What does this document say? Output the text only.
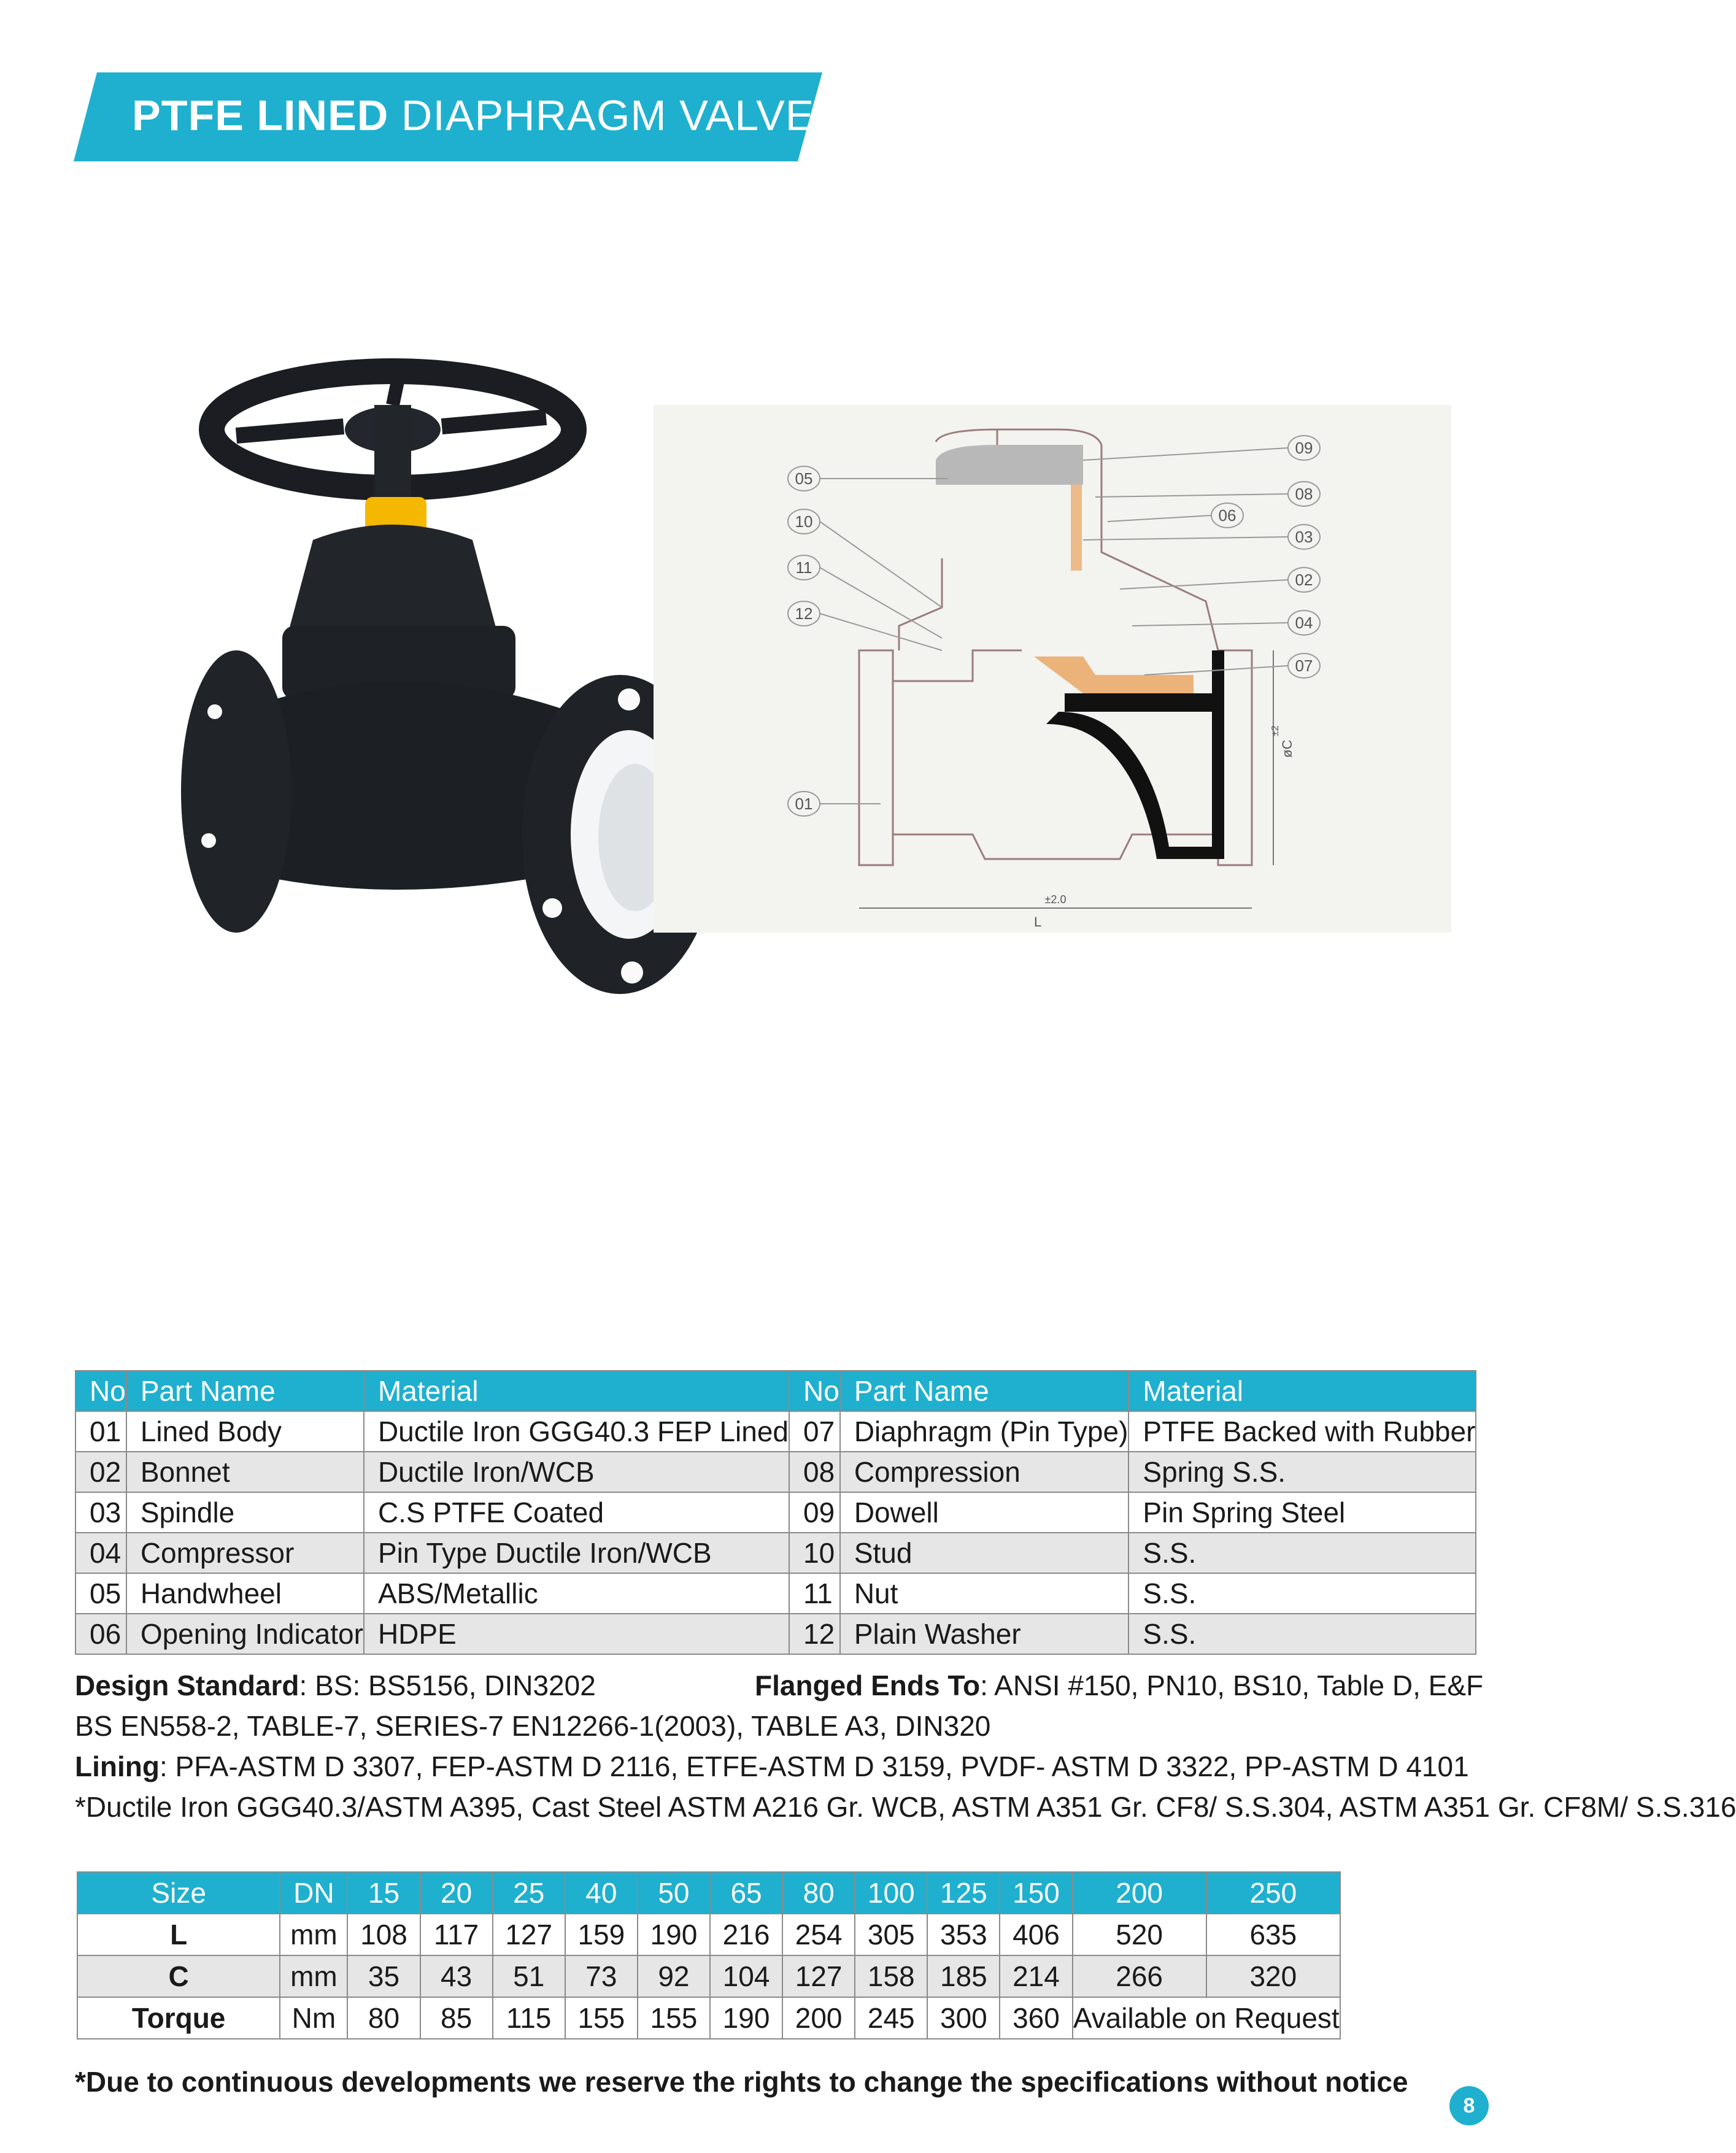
PTFE LINED DIAPHRAGM VALVE
05
10
11
12
01
09
08
06
03
02
04
07
±2.0
L
øC
±2
No	Part Name	Material	No	Part Name	Material
01	Lined Body	Ductile Iron GGG40.3 FEP Lined	07	Diaphragm (Pin Type)	PTFE Backed with Rubber
02	Bonnet	Ductile Iron/WCB	08	Compression	Spring S.S.
03	Spindle	C.S PTFE Coated	09	Dowell	Pin Spring Steel
04	Compressor	Pin Type Ductile Iron/WCB	10	Stud	S.S.
05	Handwheel	ABS/Metallic	11	Nut	S.S.
06	Opening Indicator	HDPE	12	Plain Washer	S.S.
Design Standard: BS: BS5156, DIN3202	Flanged Ends To: ANSI #150, PN10, BS10, Table D, E&F
BS EN558-2, TABLE-7, SERIES-7 EN12266-1(2003), TABLE A3, DIN320
Lining: PFA-ASTM D 3307, FEP-ASTM D 2116, ETFE-ASTM D 3159, PVDF- ASTM D 3322, PP-ASTM D 4101
*Ductile Iron GGG40.3/ASTM A395, Cast Steel ASTM A216 Gr. WCB, ASTM A351 Gr. CF8/ S.S.304, ASTM A351 Gr. CF8M/ S.S.316
Size	DN	15	20	25	40	50	65	80	100	125	150	200	250
L	mm	108	117	127	159	190	216	254	305	353	406	520	635
C	mm	35	43	51	73	92	104	127	158	185	214	266	320
Torque	Nm	80	85	115	155	155	190	200	245	300	360	Available on Request	
*Due to continuous developments we reserve the rights to change the specifications without notice
8
